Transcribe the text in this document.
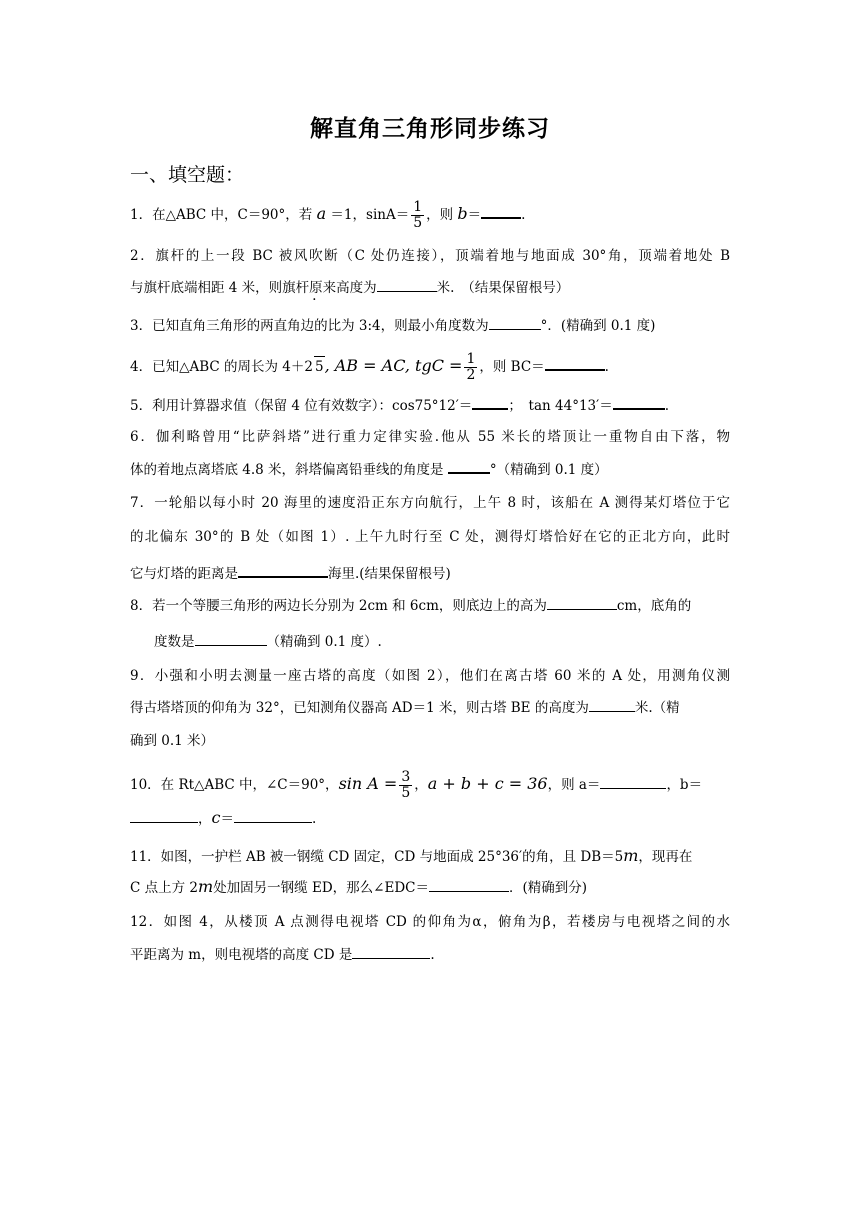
解直角三角形同步练习
一、填空题：
1．在△ABC 中，C＝90°，若 a ＝1，$\sin A= \frac{1}{5}$ ，则 b＝	.
2．旗杆的上一段 BC 被风吹断（C 处仍连接），顶端着地与地面成 30°角，顶端着地处 B
与旗杆底端相距 4 米，则旗杆原来高度为	米.　（结果保留根号）
3．已知直角三角形的两直角边的比为 3:4，则最小角度数为	°．(精确到 0.1 度)
4．已知△ABC 的周长为 4＋2 5, AB = AC, tgC = $\frac{1}{2}$ ，则 BC＝	.
5．利用计算器求值（保留 4 位有效数字）：cos75°12′＝	；　tan 44°13′＝	.
6．伽利略曾用“比萨斜塔”进行重力定律实验.他从 55 米长的塔顶让一重物自由下落，物
体的着地点离塔底 4.8 米，斜塔偏离铅垂线的角度是	°（精确到 0.1 度）
7．一轮船以每小时 20 海里的速度沿正东方向航行，上午 8 时，该船在 A 测得某灯塔位于它
的北偏东 30°的 B 处（如图 1）. 上午九时行至 C 处，测得灯塔恰好在它的正北方向，此时
它与灯塔的距离是	海里.(结果保留根号)
8．若一个等腰三角形的两边长分别为 2cm 和 6cm，则底边上的高为	cm，底角的
度数是	（精确到 0.1 度）.
9．小强和小明去测量一座古塔的高度（如图 2），他们在离古塔 60 米的 A 处，用测角仪测
得古塔塔顶的仰角为 32°，已知测角仪器高 AD＝1 米，则古塔 BE 的高度为	米.（精
确到 0.1 米）
10．在 Rt△ABC 中，∠C＝90°，$\sin A = \frac{3}{5}$ ，a + b + c = 36，则 a＝	，b＝
，c＝	.
11．如图，一护栏 AB 被一钢缆 CD 固定，CD 与地面成 25°36′的角，且 DB＝5m，现再在
C 点上方 2m处加固另一钢缆 ED，那么∠EDC＝	．(精确到分)
12．如图 4，从楼顶 A 点测得电视塔 CD 的仰角为α，俯角为β，若楼房与电视塔之间的水
平距离为 m，则电视塔的高度 CD 是	.
